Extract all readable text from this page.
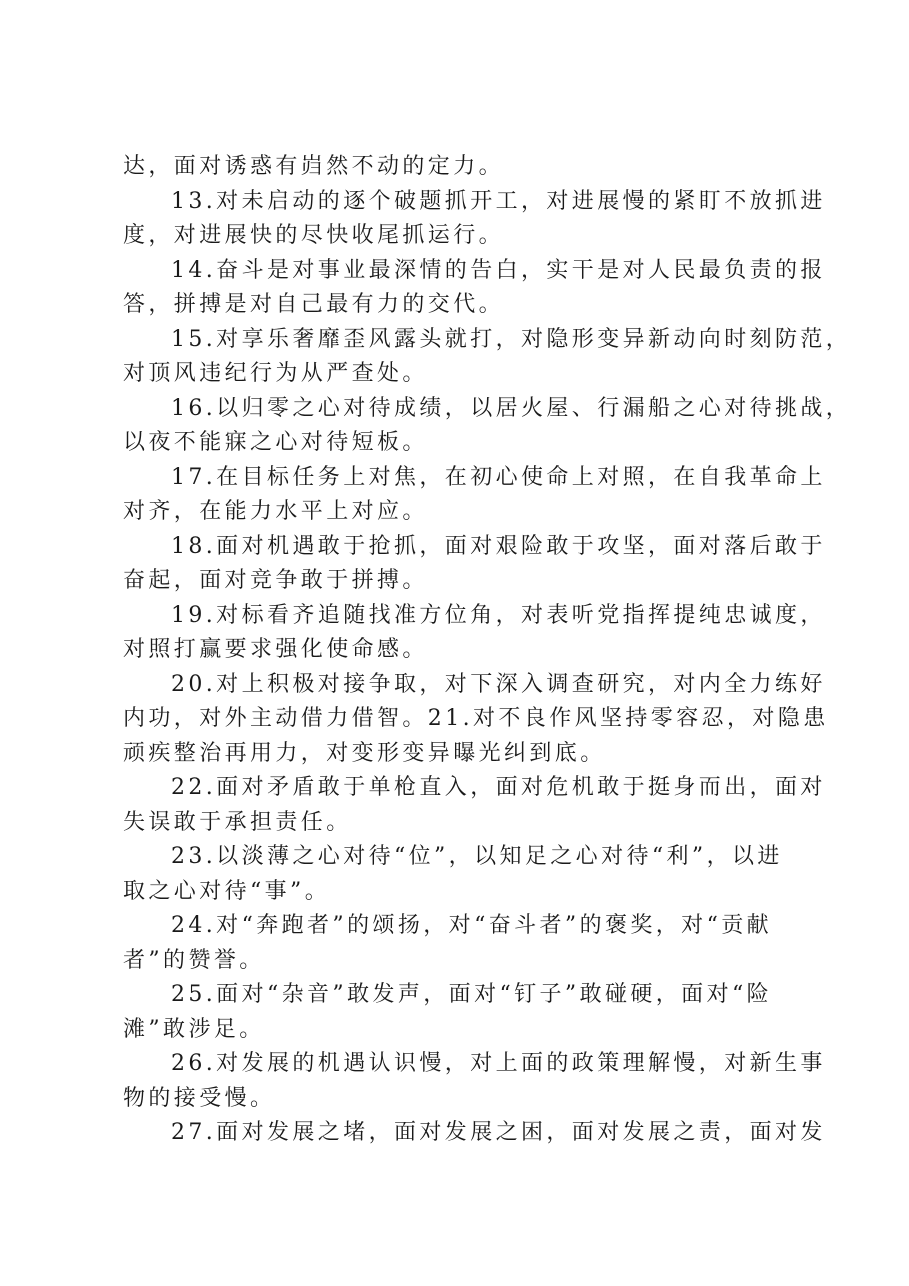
达，面对诱惑有岿然不动的定力。
13.对未启动的逐个破题抓开工，对进展慢的紧盯不放抓进
度，对进展快的尽快收尾抓运行。
14.奋斗是对事业最深情的告白，实干是对人民最负责的报
答，拼搏是对自己最有力的交代。
15.对享乐奢靡歪风露头就打，对隐形变异新动向时刻防范，
对顶风违纪行为从严查处。
16.以归零之心对待成绩，以居火屋、行漏船之心对待挑战，
以夜不能寐之心对待短板。
17.在目标任务上对焦，在初心使命上对照，在自我革命上
对齐，在能力水平上对应。
18.面对机遇敢于抢抓，面对艰险敢于攻坚，面对落后敢于
奋起，面对竞争敢于拼搏。
19.对标看齐追随找准方位角，对表听党指挥提纯忠诚度，
对照打赢要求强化使命感。
20.对上积极对接争取，对下深入调查研究，对内全力练好
内功，对外主动借力借智。21.对不良作风坚持零容忍，对隐患
顽疾整治再用力，对变形变异曝光纠到底。
22.面对矛盾敢于单枪直入，面对危机敢于挺身而出，面对
失误敢于承担责任。
23.以淡薄之心对待“位”，以知足之心对待“利”，以进
取之心对待“事”。
24.对“奔跑者”的颂扬，对“奋斗者”的褒奖，对“贡献
者”的赞誉。
25.面对“杂音”敢发声，面对“钉子”敢碰硬，面对“险
滩”敢涉足。
26.对发展的机遇认识慢，对上面的政策理解慢，对新生事
物的接受慢。
27.面对发展之堵，面对发展之困，面对发展之责，面对发
